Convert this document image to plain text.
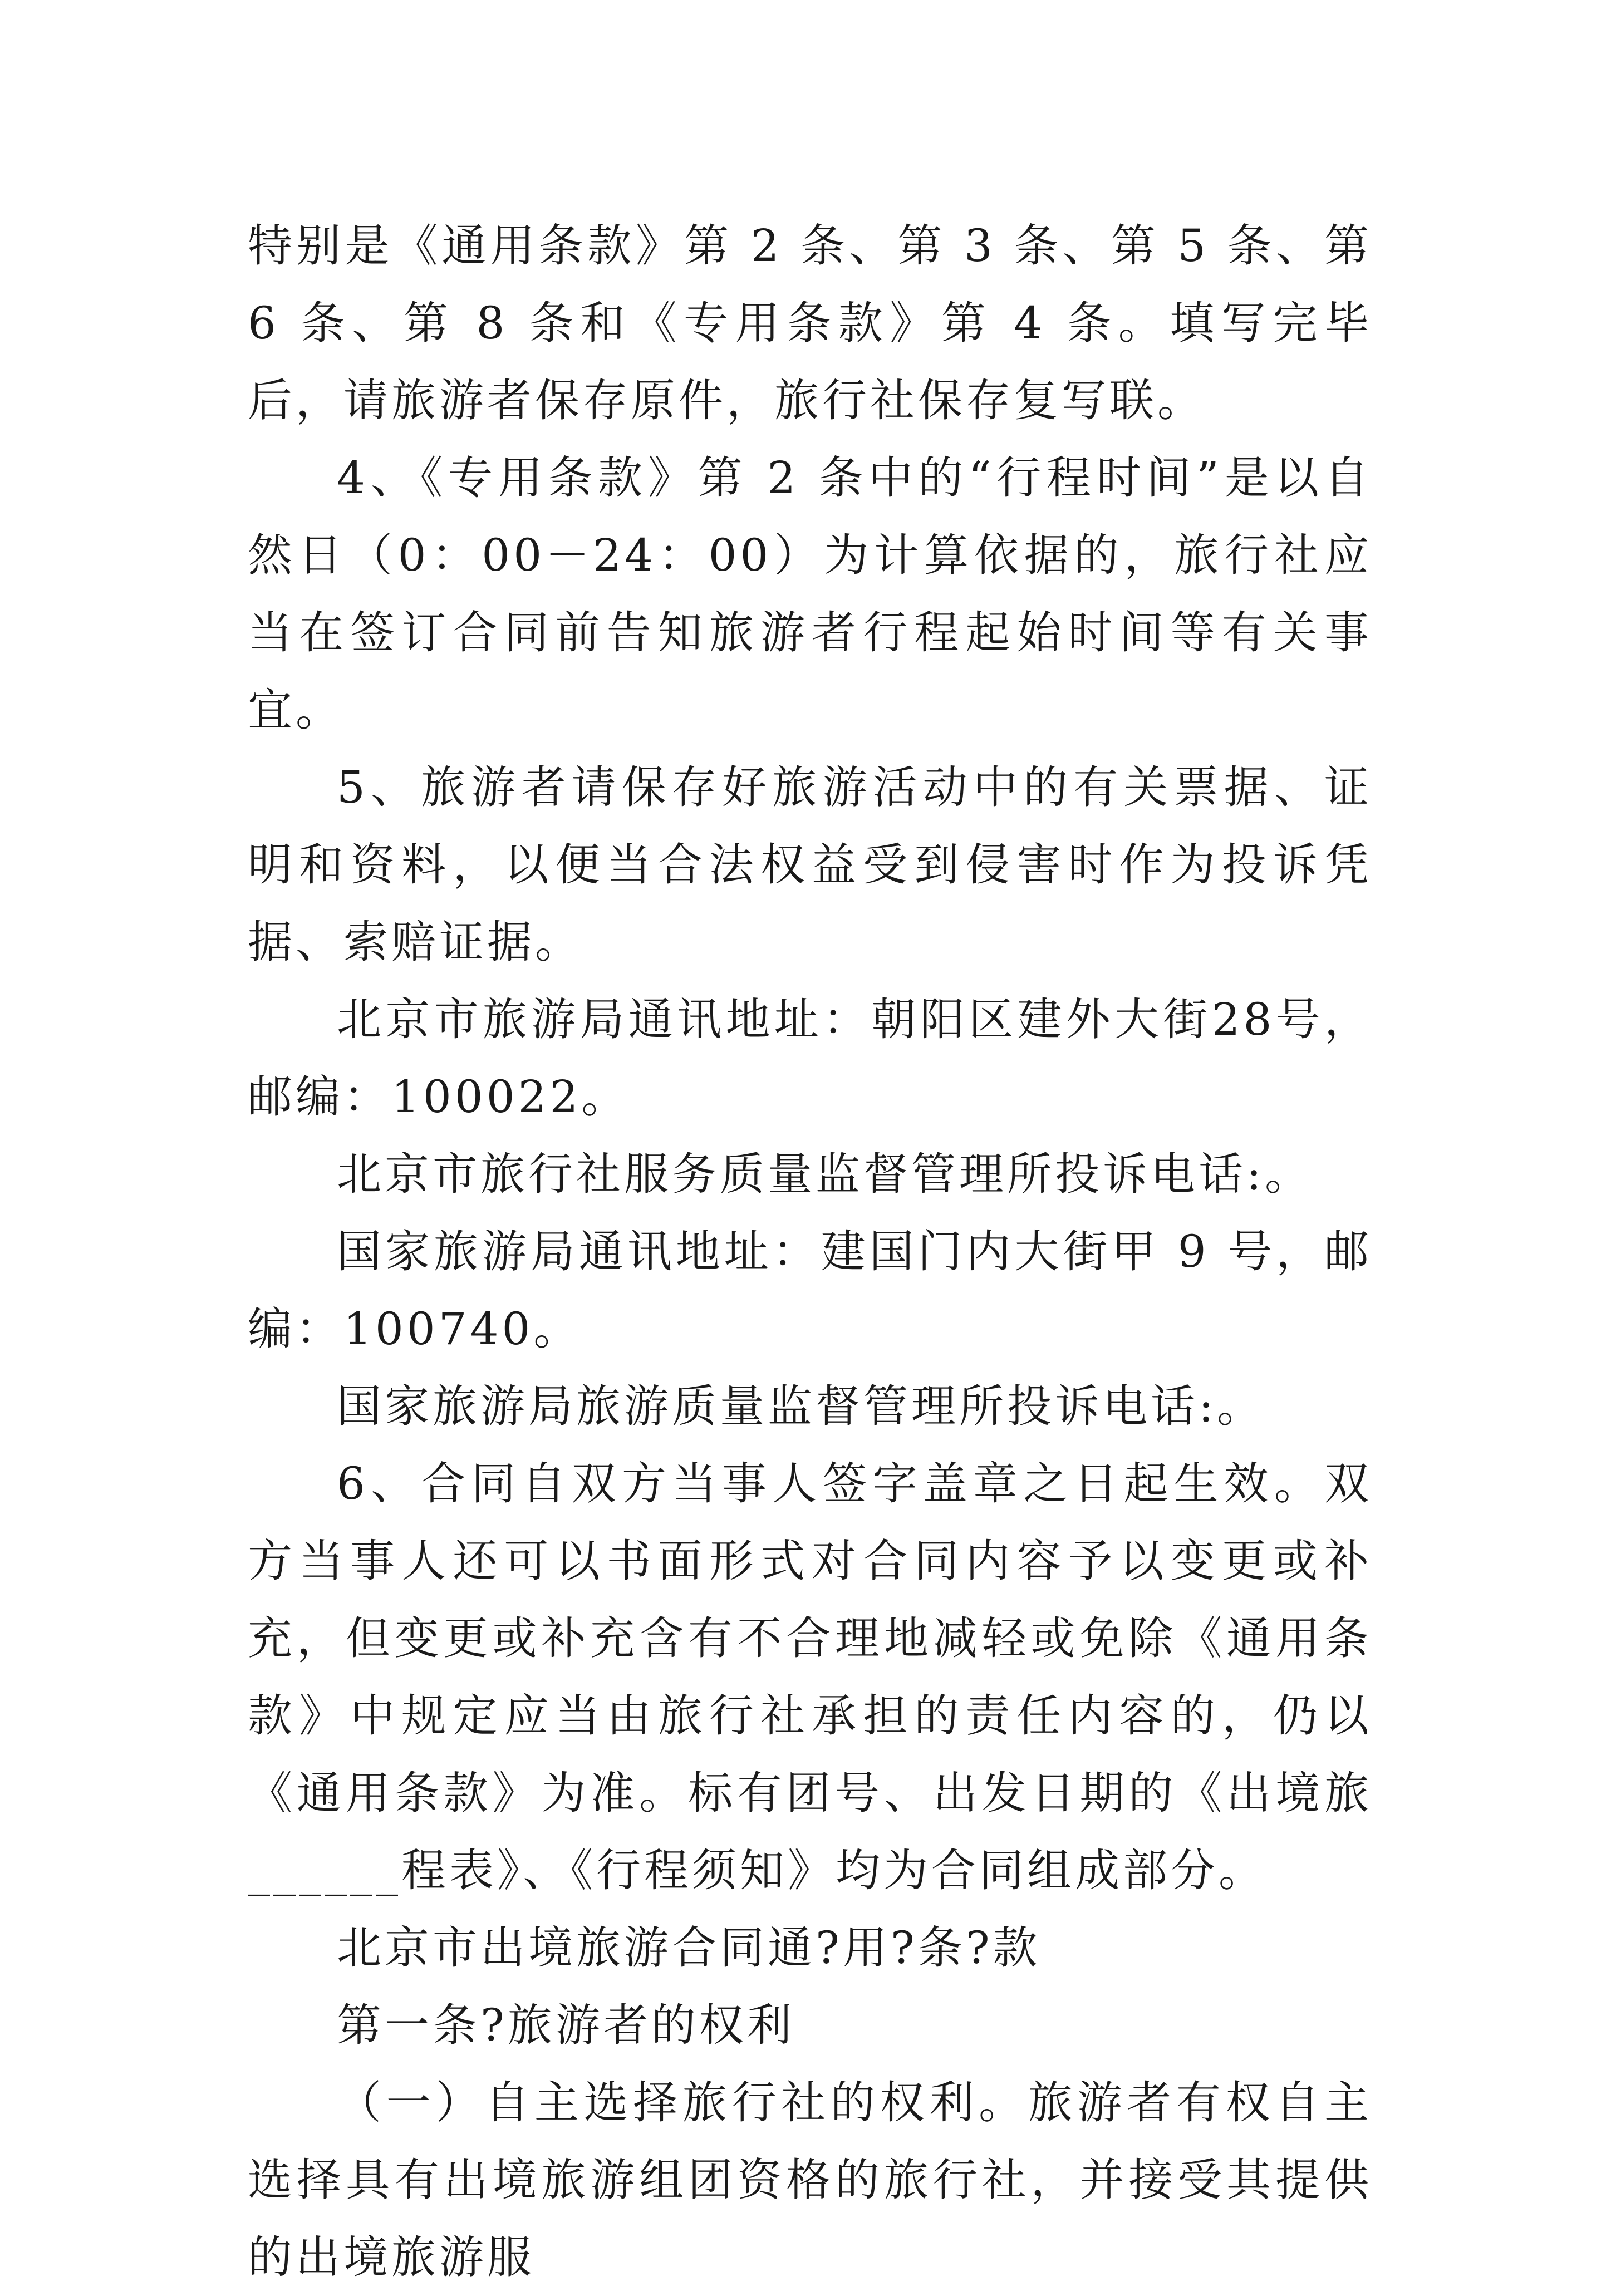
特别是《通用条款》第 2 条、第 3 条、第 5 条、第 6 条、第 8 条和《专用条款》第 4 条。填写完毕后，请旅游者保存原件，旅行社保存复写联。

4、《专用条款》第 2 条中的“行程时间”是以自然日（0：00－24：00）为计算依据的，旅行社应当在签订合同前告知旅游者行程起始时间等有关事宜。

5、旅游者请保存好旅游活动中的有关票据、证明和资料，以便当合法权益受到侵害时作为投诉凭据、索赔证据。

北京市旅游局通讯地址：朝阳区建外大街28号，邮编：100022。

北京市旅行社服务质量监督管理所投诉电话:。

国家旅游局通讯地址：建国门内大街甲 9 号，邮编：100740。

国家旅游局旅游质量监督管理所投诉电话:。

6、合同自双方当事人签字盖章之日起生效。双方当事人还可以书面形式对合同内容予以变更或补充，但变更或补充含有不合理地减轻或免除《通用条款》中规定应当由旅行社承担的责任内容的，仍以《通用条款》为准。标有团号、出发日期的《出境旅______程表》、《行程须知》均为合同组成部分。

北京市出境旅游合同通?用?条?款

第一条?旅游者的权利

（一）自主选择旅行社的权利。旅游者有权自主选择具有出境旅游组团资格的旅行社，并接受其提供的出境旅游服
